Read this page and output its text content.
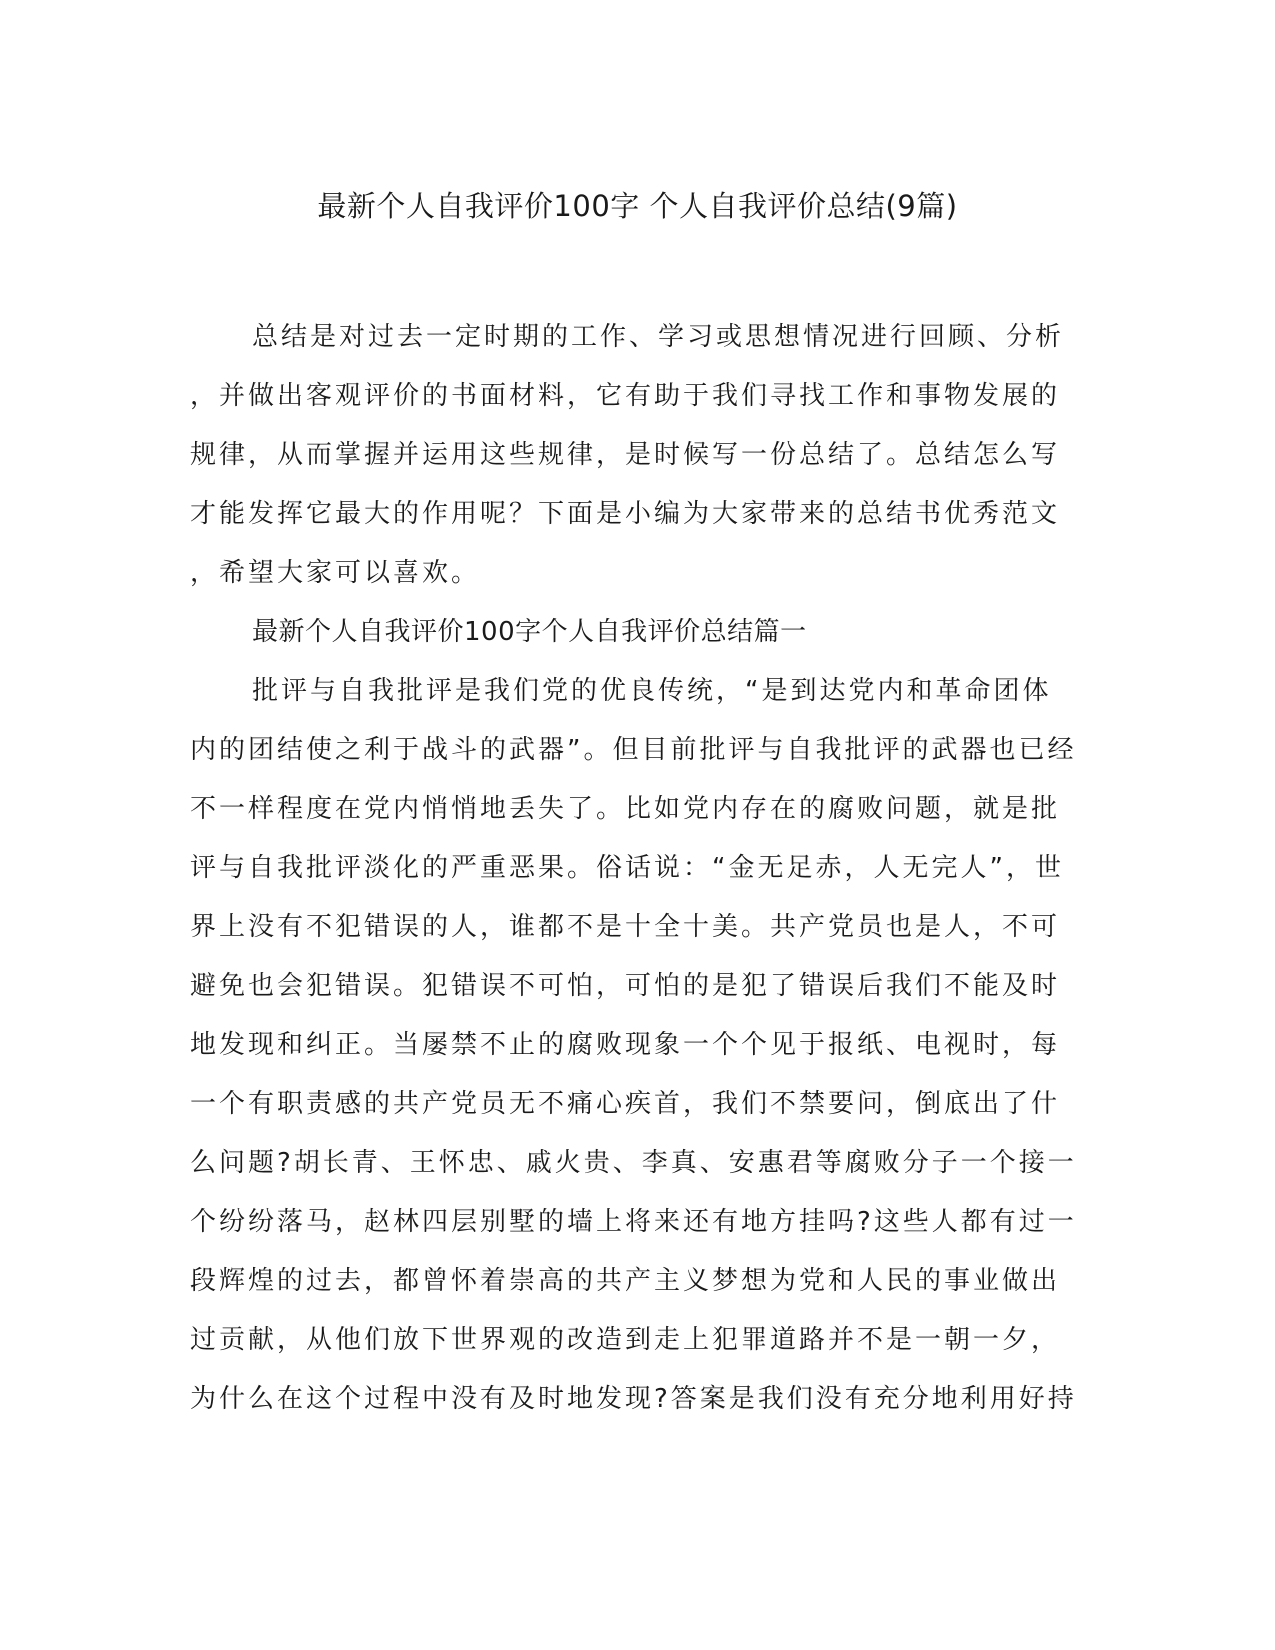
最新个人自我评价100字 个人自我评价总结(9篇)
总结是对过去一定时期的工作、学习或思想情况进行回顾、分析
，并做出客观评价的书面材料，它有助于我们寻找工作和事物发展的
规律，从而掌握并运用这些规律，是时候写一份总结了。总结怎么写
才能发挥它最大的作用呢？下面是小编为大家带来的总结书优秀范文
，希望大家可以喜欢。
最新个人自我评价100字个人自我评价总结篇一
批评与自我批评是我们党的优良传统，“是到达党内和革命团体
内的团结使之利于战斗的武器”。但目前批评与自我批评的武器也已经
不一样程度在党内悄悄地丢失了。比如党内存在的腐败问题，就是批
评与自我批评淡化的严重恶果。俗话说：“金无足赤，人无完人”，世
界上没有不犯错误的人，谁都不是十全十美。共产党员也是人，不可
避免也会犯错误。犯错误不可怕，可怕的是犯了错误后我们不能及时
地发现和纠正。当屡禁不止的腐败现象一个个见于报纸、电视时，每
一个有职责感的共产党员无不痛心疾首，我们不禁要问，倒底出了什
么问题?胡长青、王怀忠、戚火贵、李真、安惠君等腐败分子一个接一
个纷纷落马，赵林四层别墅的墙上将来还有地方挂吗?这些人都有过一
段辉煌的过去，都曾怀着崇高的共产主义梦想为党和人民的事业做出
过贡献，从他们放下世界观的改造到走上犯罪道路并不是一朝一夕，
为什么在这个过程中没有及时地发现?答案是我们没有充分地利用好持
